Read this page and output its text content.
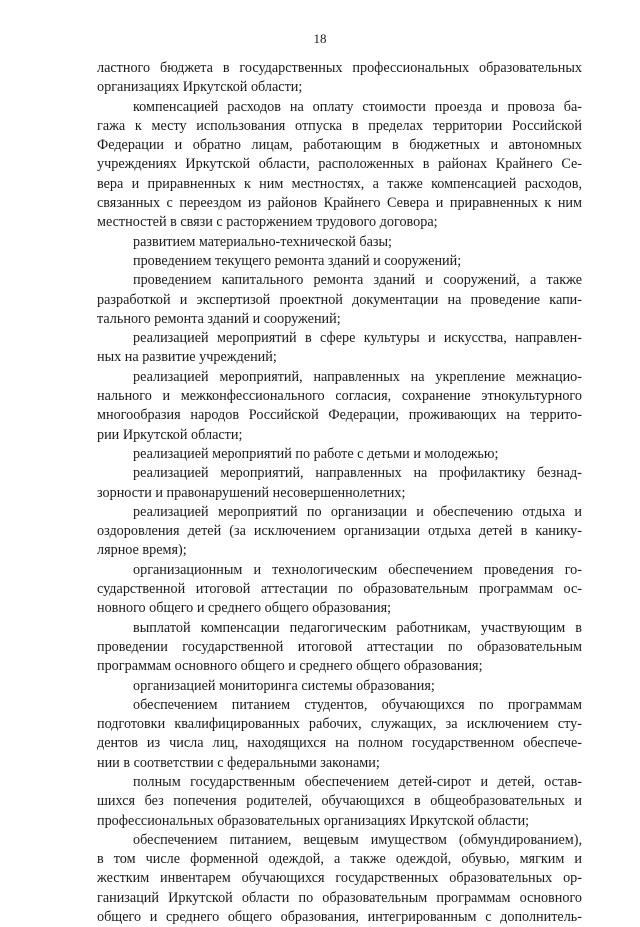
18
ластного бюджета в государственных профессиональных образовательных
организациях Иркутской области;
компенсацией расходов на оплату стоимости проезда и провоза ба-
гажа к месту использования отпуска в пределах территории Российской
Федерации и обратно лицам, работающим в бюджетных и автономных
учреждениях Иркутской области, расположенных в районах Крайнего Се-
вера и приравненных к ним местностях, а также компенсацией расходов,
связанных с переездом из районов Крайнего Севера и приравненных к ним
местностей в связи с расторжением трудового договора;
развитием материально-технической базы;
проведением текущего ремонта зданий и сооружений;
проведением капитального ремонта зданий и сооружений, а также
разработкой и экспертизой проектной документации на проведение капи-
тального ремонта зданий и сооружений;
реализацией мероприятий в сфере культуры и искусства, направлен-
ных на развитие учреждений;
реализацией мероприятий, направленных на укрепление межнацио-
нального и межконфессионального согласия, сохранение этнокультурного
многообразия народов Российской Федерации, проживающих на террито-
рии Иркутской области;
реализацией мероприятий по работе с детьми и молодежью;
реализацией мероприятий, направленных на профилактику безнад-
зорности и правонарушений несовершеннолетних;
реализацией мероприятий по организации и обеспечению отдыха и
оздоровления детей (за исключением организации отдыха детей в канику-
лярное время);
организационным и технологическим обеспечением проведения го-
сударственной итоговой аттестации по образовательным программам ос-
новного общего и среднего общего образования;
выплатой компенсации педагогическим работникам, участвующим в
проведении государственной итоговой аттестации по образовательным
программам основного общего и среднего общего образования;
организацией мониторинга системы образования;
обеспечением питанием студентов, обучающихся по программам
подготовки квалифицированных рабочих, служащих, за исключением сту-
дентов из числа лиц, находящихся на полном государственном обеспече-
нии в соответствии с федеральными законами;
полным государственным обеспечением детей-сирот и детей, остав-
шихся без попечения родителей, обучающихся в общеобразовательных и
профессиональных образовательных организациях Иркутской области;
обеспечением питанием, вещевым имуществом (обмундированием),
в том числе форменной одеждой, а также одеждой, обувью, мягким и
жестким инвентарем обучающихся государственных образовательных ор-
ганизаций Иркутской области по образовательным программам основного
общего и среднего общего образования, интегрированным с дополнитель-
